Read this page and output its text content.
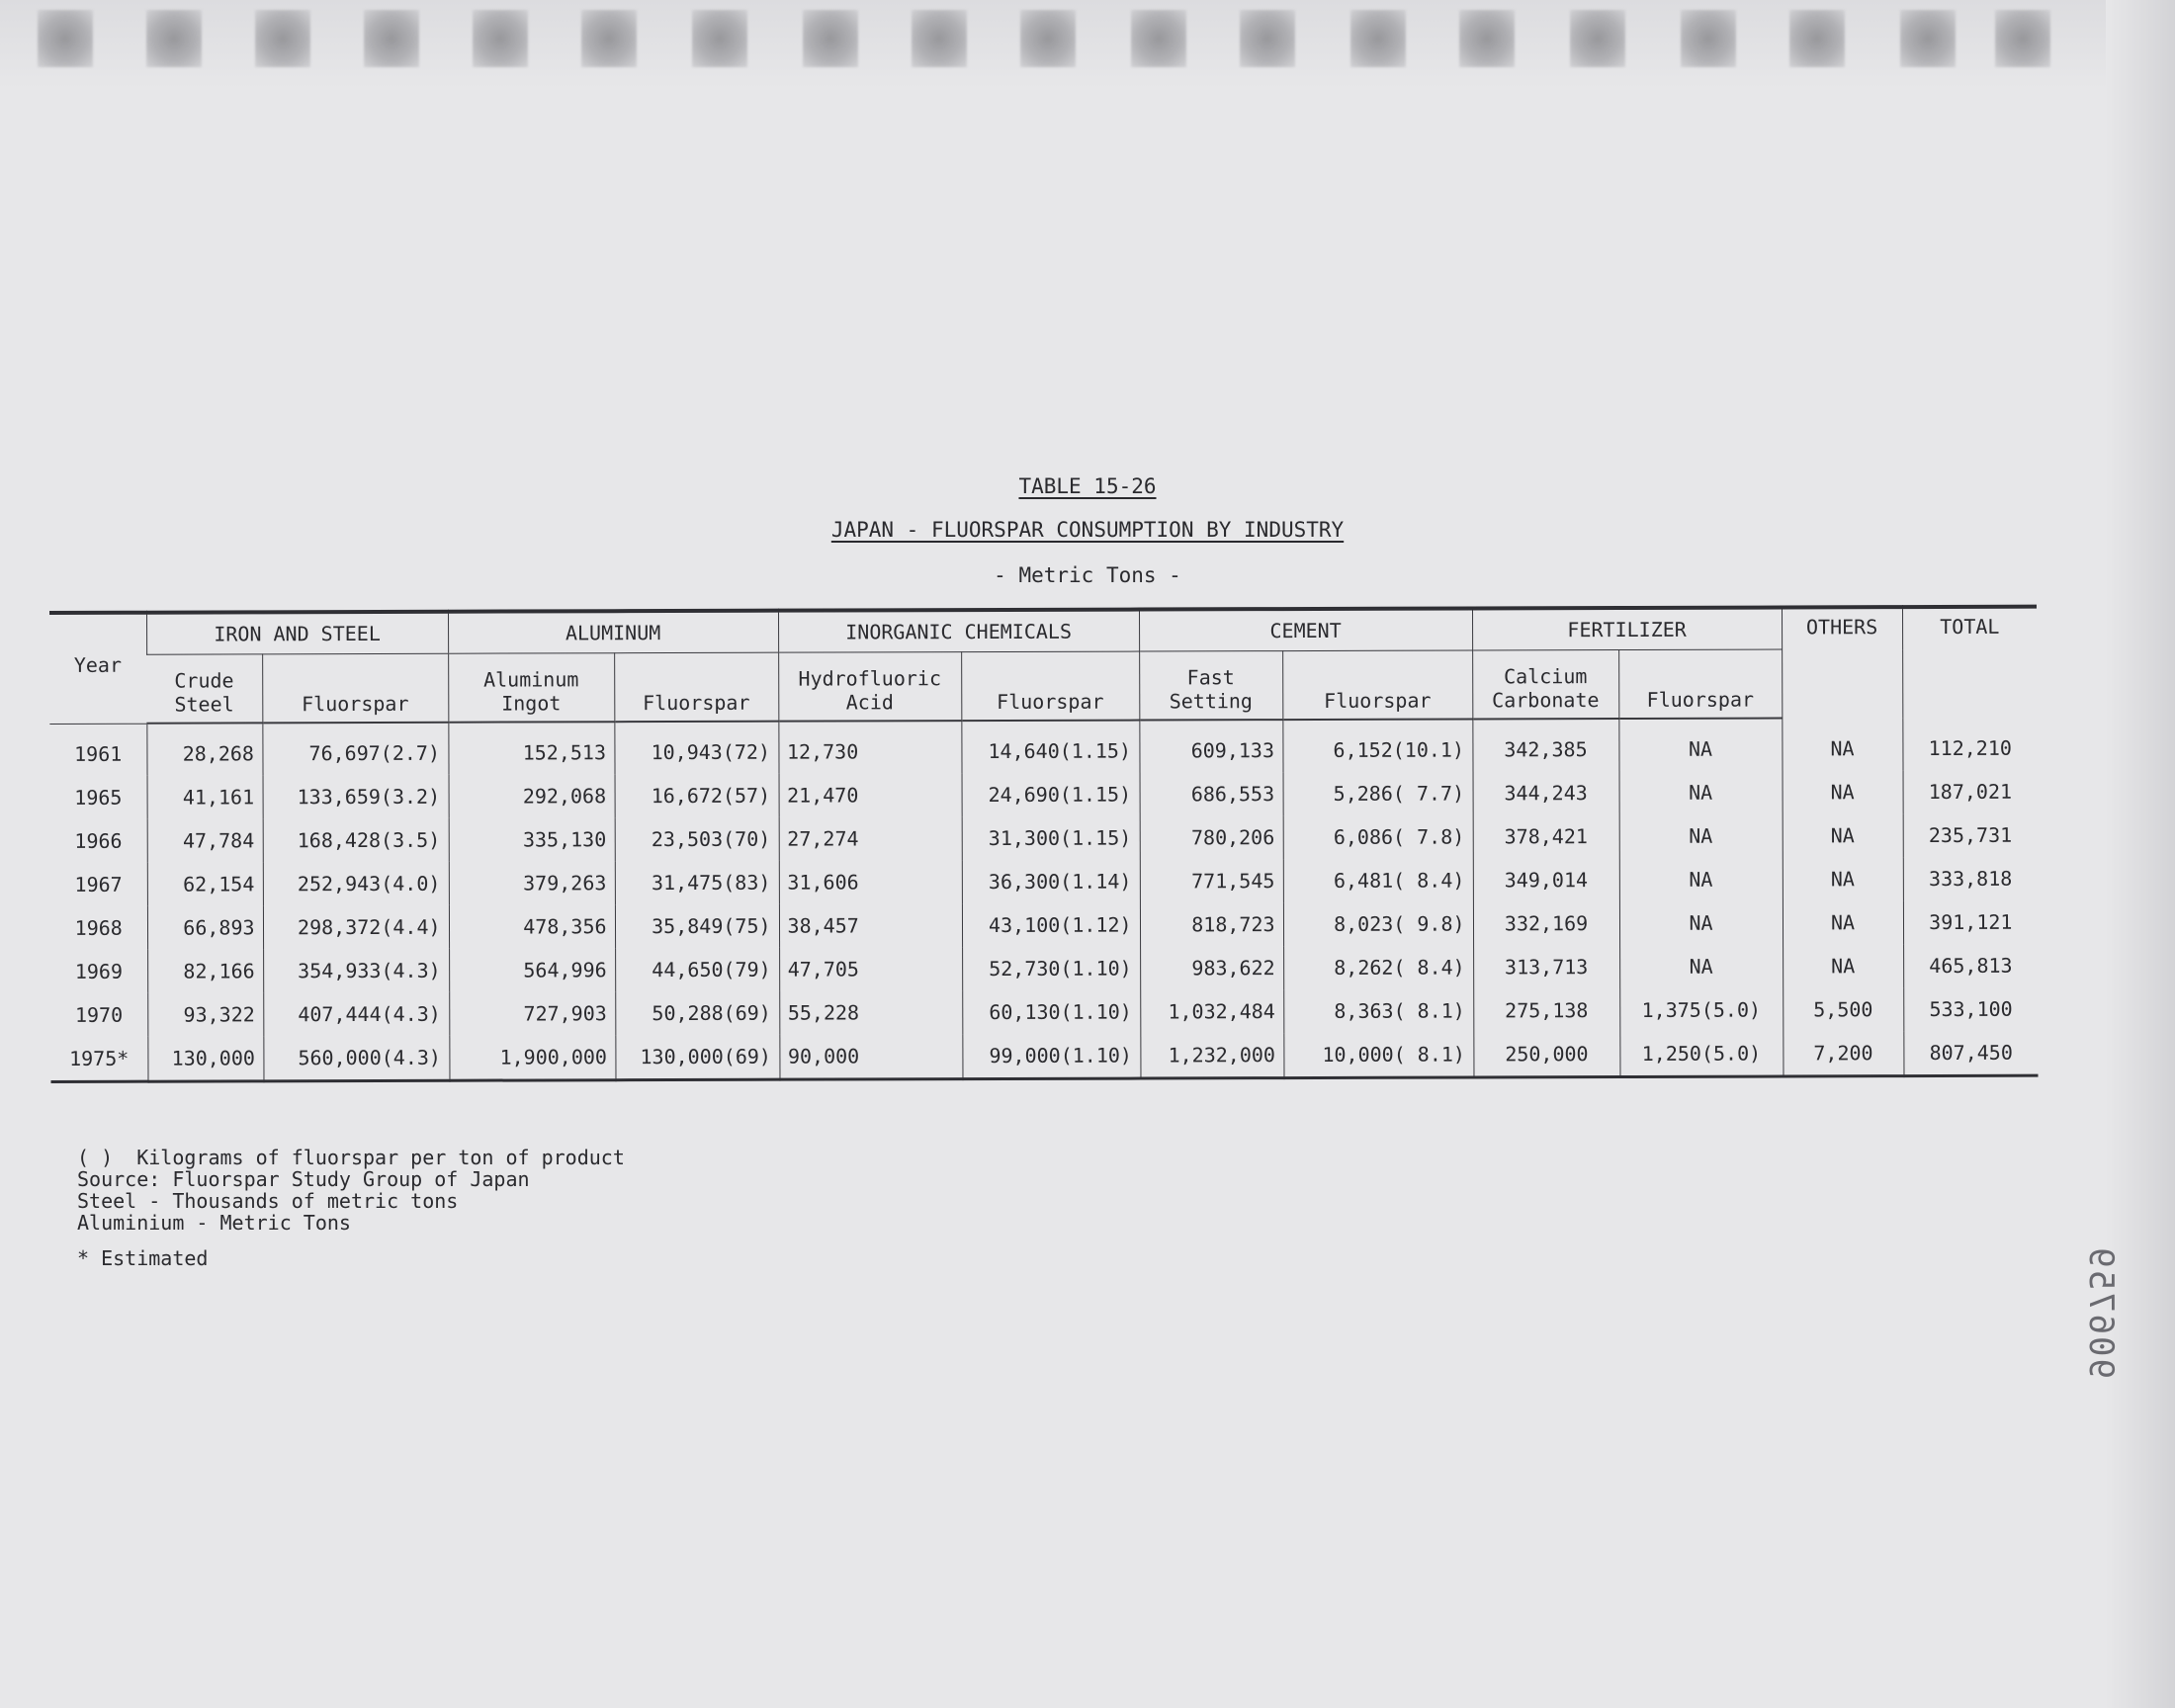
TABLE 15-26
JAPAN - FLUORSPAR CONSUMPTION BY INDUSTRY
- Metric Tons -
Year	IRON AND STEEL		ALUMINUM		INORGANIC CHEMICALS		CEMENT		FERTILIZER		OTHERS	TOTAL
	Crude Steel	Fluorspar	Aluminum Ingot	Fluorspar	Hydrofluoric Acid	Fluorspar	Fast Setting	Fluorspar	Calcium Carbonate	Fluorspar		
1961	28,268	76,697(2.7)	152,513	10,943(72)	12,730	14,640(1.15)	609,133	6,152(10.1)	342,385	NA	NA	112,210
1965	41,161	133,659(3.2)	292,068	16,672(57)	21,470	24,690(1.15)	686,553	5,286( 7.7)	344,243	NA	NA	187,021
1966	47,784	168,428(3.5)	335,130	23,503(70)	27,274	31,300(1.15)	780,206	6,086( 7.8)	378,421	NA	NA	235,731
1967	62,154	252,943(4.0)	379,263	31,475(83)	31,606	36,300(1.14)	771,545	6,481( 8.4)	349,014	NA	NA	333,818
1968	66,893	298,372(4.4)	478,356	35,849(75)	38,457	43,100(1.12)	818,723	8,023( 9.8)	332,169	NA	NA	391,121
1969	82,166	354,933(4.3)	564,996	44,650(79)	47,705	52,730(1.10)	983,622	8,262( 8.4)	313,713	NA	NA	465,813
1970	93,322	407,444(4.3)	727,903	50,288(69)	55,228	60,130(1.10)	1,032,484	8,363( 8.1)	275,138	1,375(5.0)	5,500	533,100
1975*	130,000	560,000(4.3)	1,900,000	130,000(69)	90,000	99,000(1.10)	1,232,000	10,000( 8.1)	250,000	1,250(5.0)	7,200	807,450
( )  Kilograms of fluorspar per ton of product
Source: Fluorspar Study Group of Japan
Steel - Thousands of metric tons
Aluminium - Metric Tons
* Estimated	906759
